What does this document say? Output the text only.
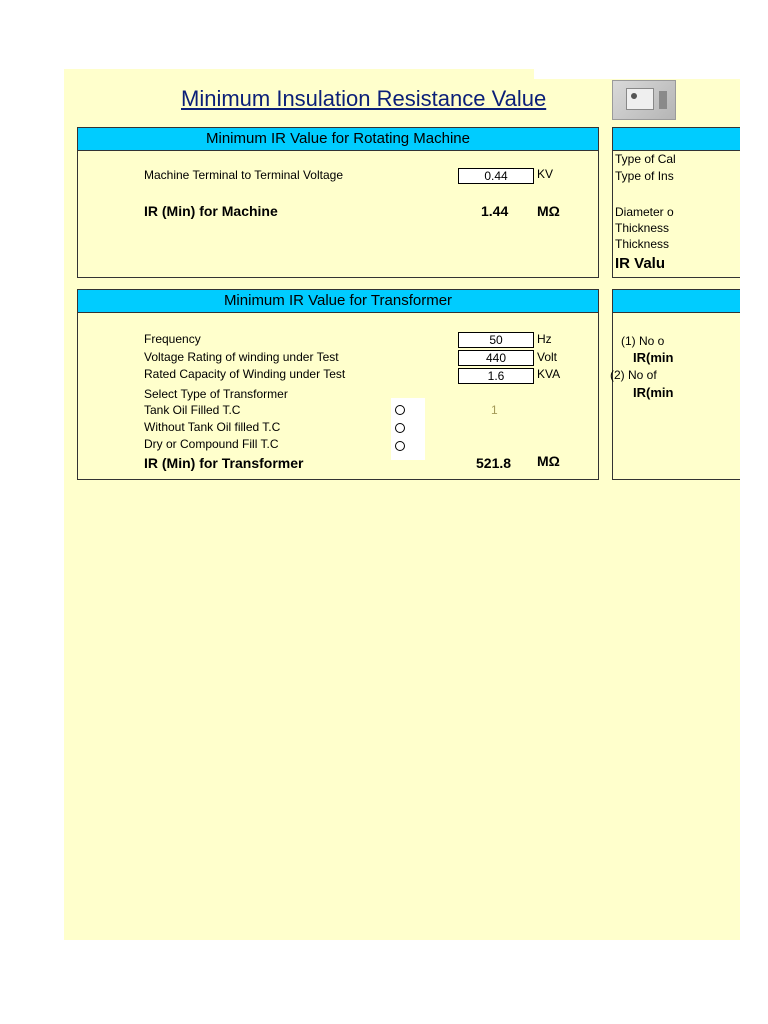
Minimum Insulation Resistance Value
Minimum IR Value for Rotating Machine
Machine Terminal to Terminal Voltage	0.44	KV
IR (Min) for Machine	1.44 MΩ
Minimum IR Value for Transformer
Frequency	50	Hz
Voltage Rating of winding under Test	440	Volt
Rated Capacity of Winding under Test	1.6	KVA
Select Type of Transformer
Tank Oil Filled T.C
Without Tank Oil filled T.C
Dry or Compound Fill T.C
1
IR (Min) for Transformer	521.8 MΩ
Type of Cal
Type of Ins
Diameter o
Thickness
Thickness
IR Valu
(1) No o
IR(min
(2) No of
IR(min
